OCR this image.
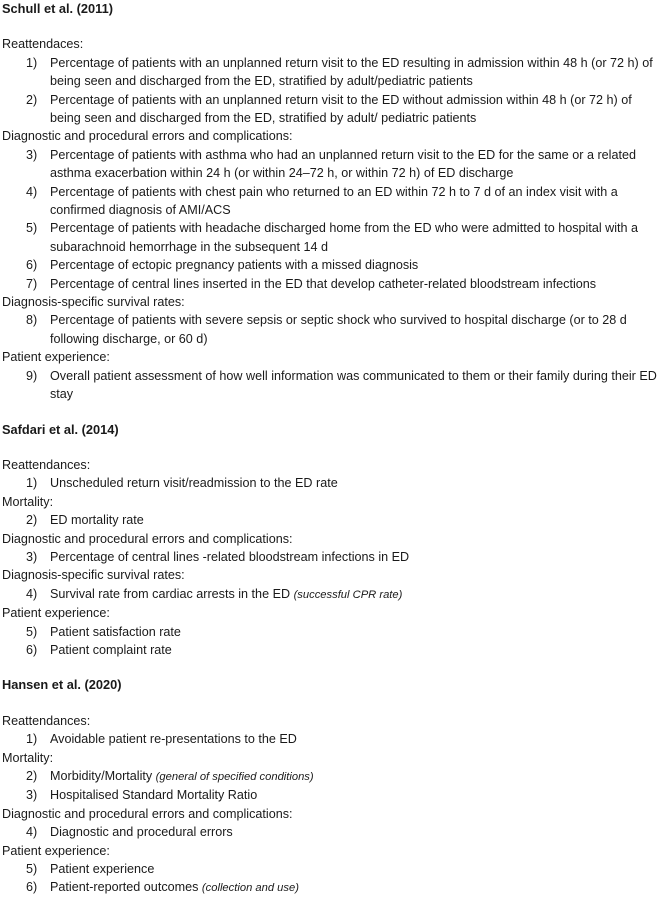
Schull et al. (2011)
Reattendaces:
1)	Percentage of patients with an unplanned return visit to the ED resulting in admission within 48 h (or 72 h) of being seen and discharged from the ED, stratified by adult/pediatric patients
2)	Percentage of patients with an unplanned return visit to the ED without admission within 48 h (or 72 h) of being seen and discharged from the ED, stratified by adult/ pediatric patients
Diagnostic and procedural errors and complications:
3)	Percentage of patients with asthma who had an unplanned return visit to the ED for the same or a related asthma exacerbation within 24 h (or within 24–72 h, or within 72 h) of ED discharge
4)	Percentage of patients with chest pain who returned to an ED within 72 h to 7 d of an index visit with a confirmed diagnosis of AMI/ACS
5)	Percentage of patients with headache discharged home from the ED who were admitted to hospital with a subarachnoid hemorrhage in the subsequent 14 d
6)	Percentage of ectopic pregnancy patients with a missed diagnosis
7)	Percentage of central lines inserted in the ED that develop catheter-related bloodstream infections
Diagnosis-specific survival rates:
8)	Percentage of patients with severe sepsis or septic shock who survived to hospital discharge (or to 28 d following discharge, or 60 d)
Patient experience:
9)	Overall patient assessment of how well information was communicated to them or their family during their ED stay
Safdari et al. (2014)
Reattendances:
1)	Unscheduled return visit/readmission to the ED rate
Mortality:
2)	ED mortality rate
Diagnostic and procedural errors and complications:
3)	Percentage of central lines -related bloodstream infections in ED
Diagnosis-specific survival rates:
4)	Survival rate from cardiac arrests in the ED (successful CPR rate)
Patient experience:
5)	Patient satisfaction rate
6)	Patient complaint rate
Hansen et al. (2020)
Reattendances:
1)	Avoidable patient re-presentations to the ED
Mortality:
2)	Morbidity/Mortality (general of specified conditions)
3)	Hospitalised Standard Mortality Ratio
Diagnostic and procedural errors and complications:
4)	Diagnostic and procedural errors
Patient experience:
5)	Patient experience
6)	Patient-reported outcomes (collection and use)
